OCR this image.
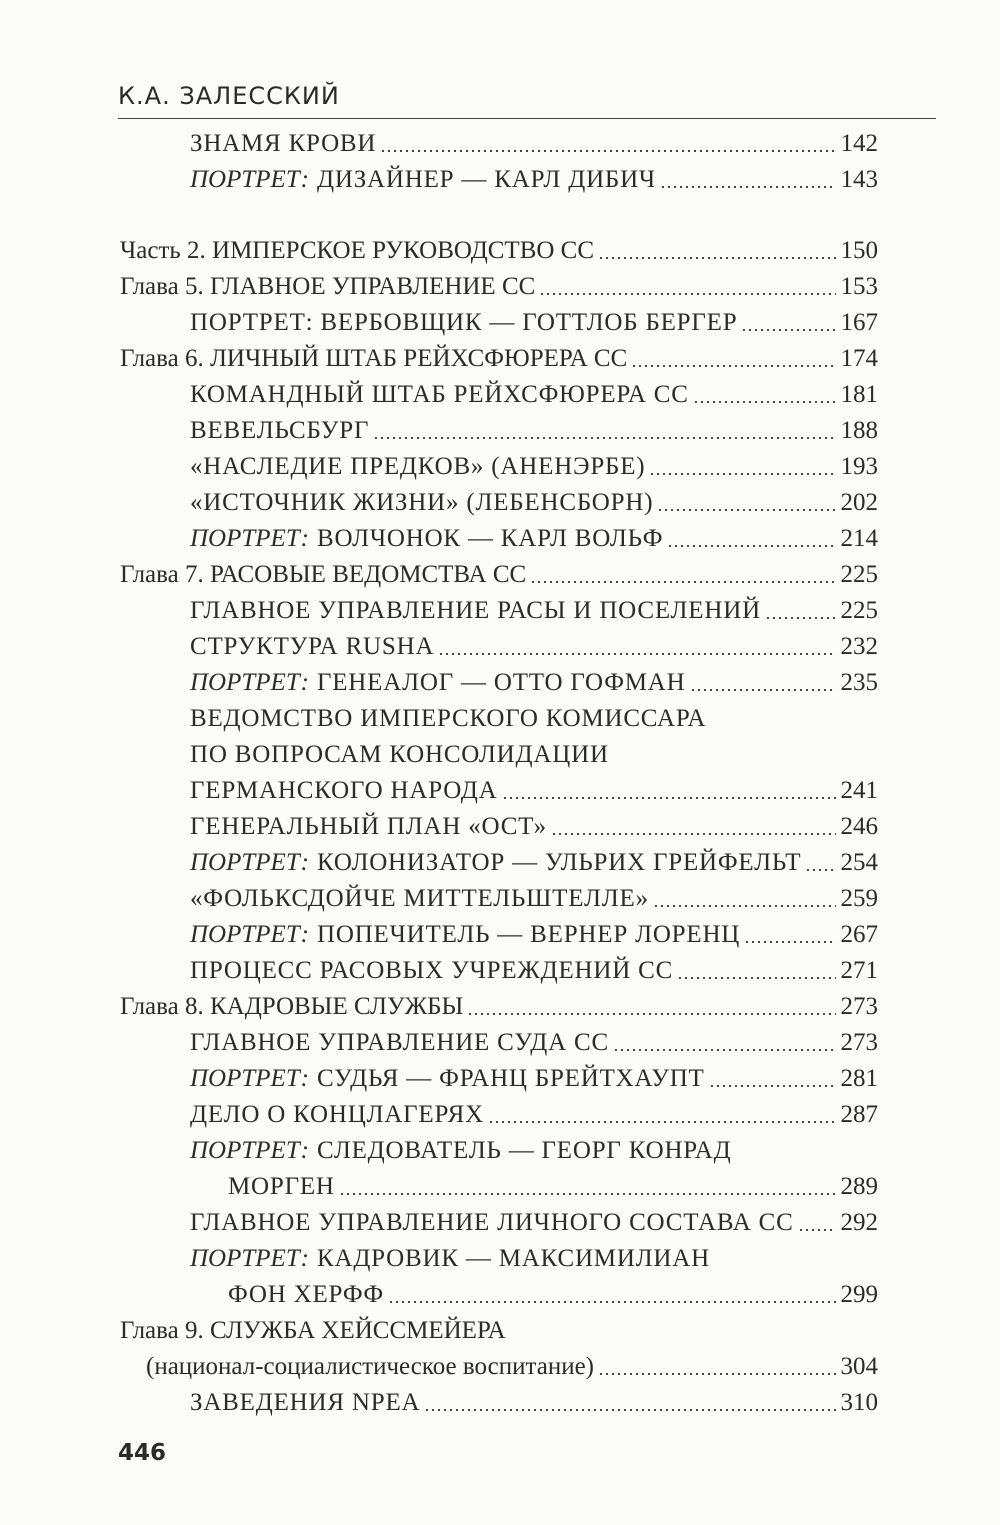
К.А. ЗАЛЕССКИЙ
ЗНАМЯ КРОВИ	142
ПОРТРЕТ: ДИЗАЙНЕР — КАРЛ ДИБИЧ	143
Часть 2. ИМПЕРСКОЕ РУКОВОДСТВО СС	150
Глава 5. ГЛАВНОЕ УПРАВЛЕНИЕ СС	153
ПОРТРЕТ: ВЕРБОВЩИК — ГОТТЛОБ БЕРГЕР	167
Глава 6. ЛИЧНЫЙ ШТАБ РЕЙХСФЮРЕРА СС	174
КОМАНДНЫЙ ШТАБ РЕЙХСФЮРЕРА СС	181
ВЕВЕЛЬСБУРГ	188
«НАСЛЕДИЕ ПРЕДКОВ» (АНЕНЭРБЕ)	193
«ИСТОЧНИК ЖИЗНИ» (ЛЕБЕНСБОРН)	202
ПОРТРЕТ: ВОЛЧОНОК — КАРЛ ВОЛЬФ	214
Глава 7. РАСОВЫЕ ВЕДОМСТВА СС	225
ГЛАВНОЕ УПРАВЛЕНИЕ РАСЫ И ПОСЕЛЕНИЙ	225
СТРУКТУРА RUSHA	232
ПОРТРЕТ: ГЕНЕАЛОГ — ОТТО ГОФМАН	235
ВЕДОМСТВО ИМПЕРСКОГО КОМИССАРА
ПО ВОПРОСАМ КОНСОЛИДАЦИИ
ГЕРМАНСКОГО НАРОДА	241
ГЕНЕРАЛЬНЫЙ ПЛАН «ОСТ»	246
ПОРТРЕТ: КОЛОНИЗАТОР — УЛЬРИХ ГРЕЙФЕЛЬТ 254
«ФОЛЬКСДОЙЧЕ МИТТЕЛЬШТЕЛЛЕ»	259
ПОРТРЕТ: ПОПЕЧИТЕЛЬ — ВЕРНЕР ЛОРЕНЦ	267
ПРОЦЕСС РАСОВЫХ УЧРЕЖДЕНИЙ СС	271
Глава 8. КАДРОВЫЕ СЛУЖБЫ	273
ГЛАВНОЕ УПРАВЛЕНИЕ СУДА СС	273
ПОРТРЕТ: СУДЬЯ — ФРАНЦ БРЕЙТХАУПТ	281
ДЕЛО О КОНЦЛАГЕРЯХ	287
ПОРТРЕТ: СЛЕДОВАТЕЛЬ — ГЕОРГ КОНРАД
МОРГЕН	289
ГЛАВНОЕ УПРАВЛЕНИЕ ЛИЧНОГО СОСТАВА СС 292
ПОРТРЕТ: КАДРОВИК — МАКСИМИЛИАН
ФОН ХЕРФФ	299
Глава 9. СЛУЖБА ХЕЙССМЕЙЕРА
(национал-социалистическое воспитание)	304
ЗАВЕДЕНИЯ NPEA	310
446
